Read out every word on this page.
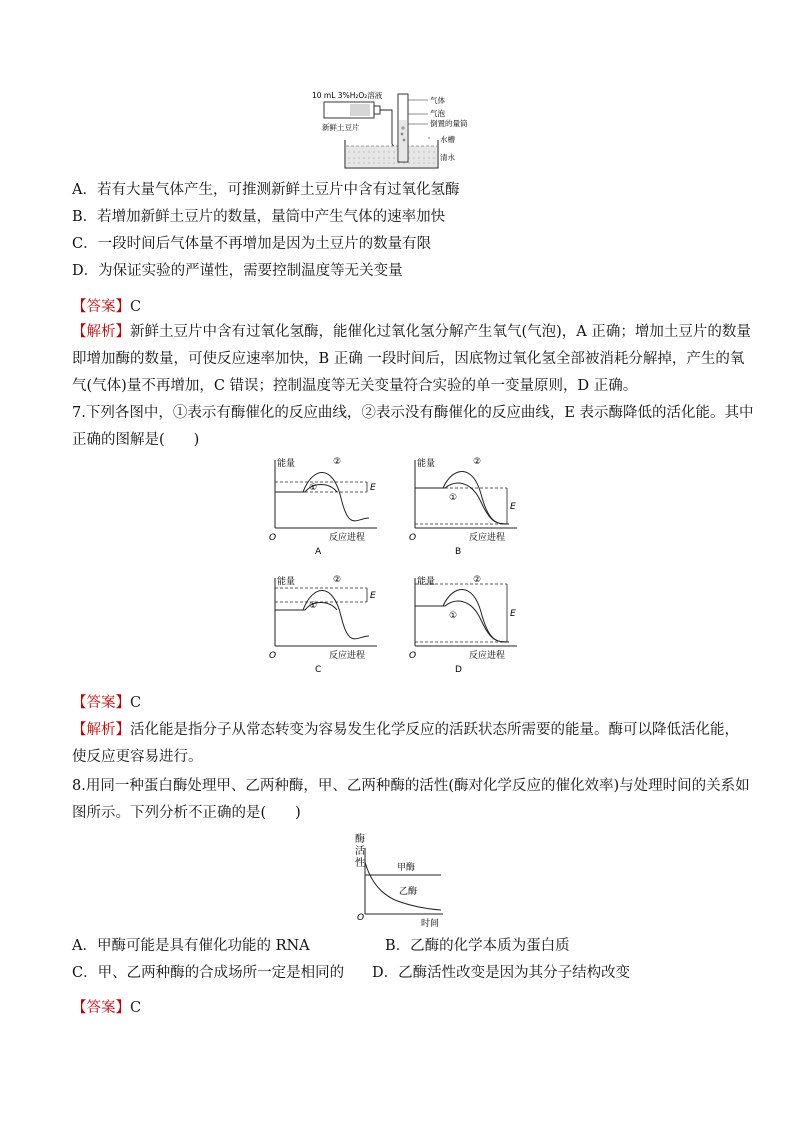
10 mL 3%H₂O₂溶液
新鲜土豆片
气体
气泡
倒置的量筒
水槽
清水
A．若有大量气体产生，可推测新鲜土豆片中含有过氧化氢酶
B．若增加新鲜土豆片的数量，量筒中产生气体的速率加快
C．一段时间后气体量不再增加是因为土豆片的数量有限
D．为保证实验的严谨性，需要控制温度等无关变量
【答案】C
【解析】新鲜土豆片中含有过氧化氢酶，能催化过氧化氢分解产生氧气(气泡)，A 正确；增加土豆片的数量
即增加酶的数量，可使反应速率加快，B 正确 一段时间后，因底物过氧化氢全部被消耗分解掉，产生的氧
气(气体)量不再增加，C 错误；控制温度等无关变量符合实验的单一变量原则，D 正确。
7.下列各图中，①表示有酶催化的反应曲线，②表示没有酶催化的反应曲线，E 表示酶降低的活化能。其中
正确的图解是(　　)
能量
O	反应进程
A
②
①	E
能量
O	反应进程
B
②
①
E
能量
O	反应进程
C
②
①
E
能量
O	反应进程
D
②
①	E
【答案】C
【解析】活化能是指分子从常态转变为容易发生化学反应的活跃状态所需要的能量。酶可以降低活化能，
使反应更容易进行。
8.用同一种蛋白酶处理甲、乙两种酶，甲、乙两种酶的活性(酶对化学反应的催化效率)与处理时间的关系如
图所示。下列分析不正确的是(　　)
酶
活
性	甲酶
乙酶
O
时间
A．甲酶可能是具有催化功能的 RNA	B．乙酶的化学本质为蛋白质
C．甲、乙两种酶的合成场所一定是相同的 D．乙酶活性改变是因为其分子结构改变
【答案】C
